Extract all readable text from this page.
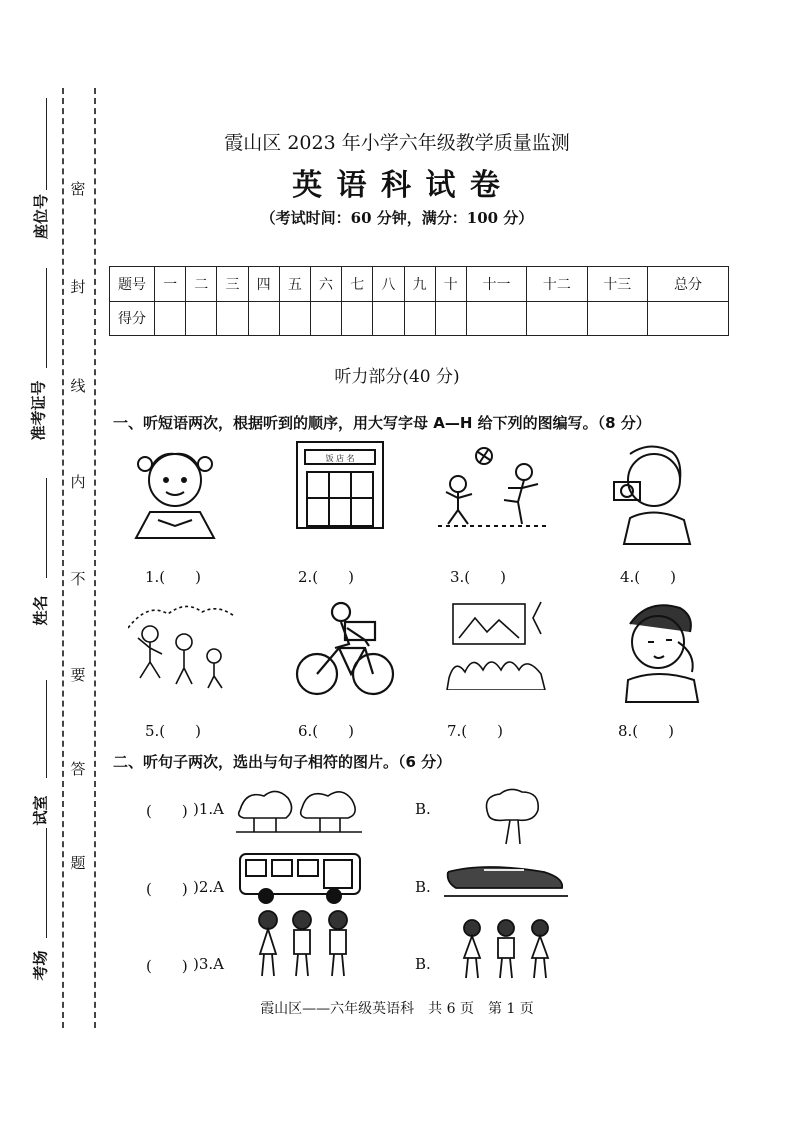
密
封
线
内
不
要
答
题
座位号
准考证号
姓名
试室
考场
霞山区 2023 年小学六年级教学质量监测
英 语 科 试 卷
（考试时间：60 分钟，满分：100 分）
题号	一	二	三	四	五	六	七	八	九	十	十一	十二	十三	总分
得分														
听力部分(40 分)
一、听短语两次，根据听到的顺序，用大写字母 A—H 给下列的图编写。（8 分）
饭 店 名
1.(　　)	2.(　　)	3.(　　)	4.(　　)
5.(　　)	6.(　　)	7.(　　)	8.(　　)
二、听句子两次，选出与句子相符的图片。（6 分）
(　　) )1.A	B.
(　　) )2.A	B.
(　　) )3.A	B.
霞山区——六年级英语科　共 6 页　第 1 页
